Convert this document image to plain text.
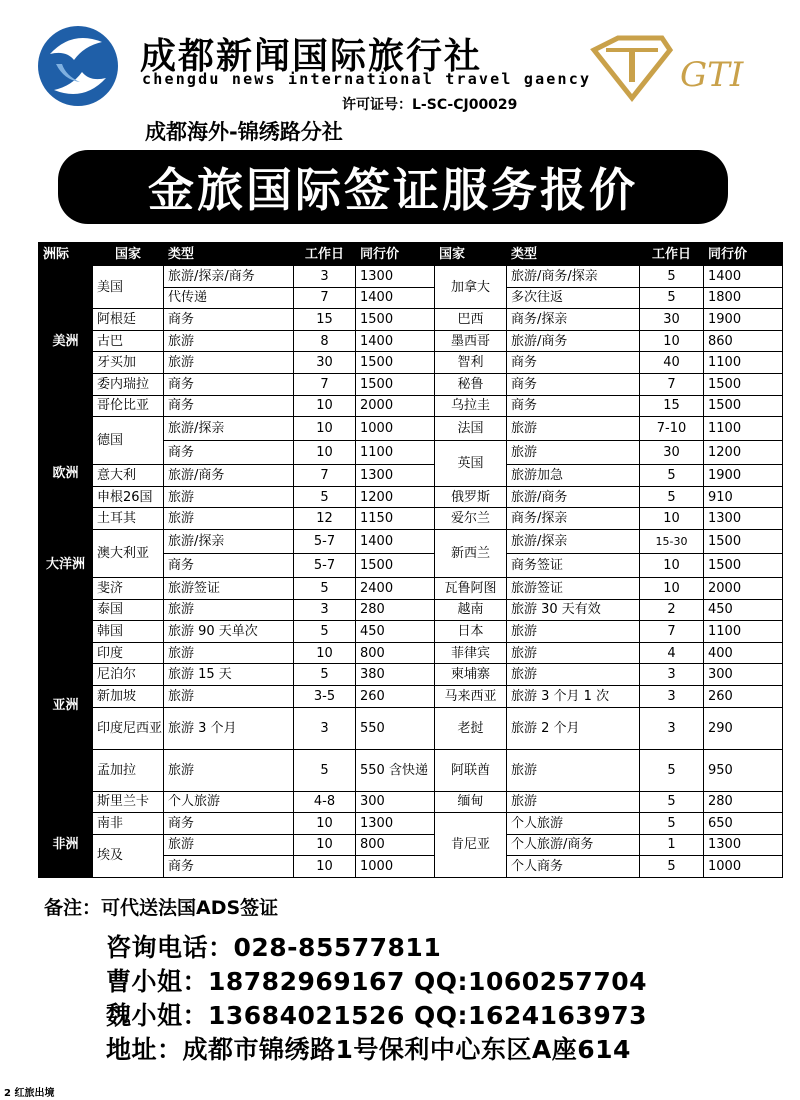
成都新闻国际旅行社
chengdu news international travel gaency
许可证号：L-SC-CJ00029
成都海外-锦绣路分社
GTI
金旅国际签证服务报价
洲际	国家	类型	工作日	同行价	国家	类型	工作日	同行价
美洲	美国	旅游/探亲/商务	3	1300	加拿大	旅游/商务/探亲	5	1400
		代传递	7	1400		多次往返	5	1800
	阿根廷	商务	15	1500	巴西	商务/探亲	30	1900
	古巴	旅游	8	1400	墨西哥	旅游/商务	10	860
	牙买加	旅游	30	1500	智利	商务	40	1100
	委内瑞拉	商务	7	1500	秘鲁	商务	7	1500
	哥伦比亚	商务	10	2000	乌拉圭	商务	15	1500
欧洲	德国	旅游/探亲	10	1000	法国	旅游	7-10	1100
		商务	10	1100	英国	旅游	30	1200
	意大利	旅游/商务	7	1300		旅游加急	5	1900
	申根26国	旅游	5	1200	俄罗斯	旅游/商务	5	910
	土耳其	旅游	12	1150	爱尔兰	商务/探亲	10	1300
大洋洲	澳大利亚	旅游/探亲	5-7	1400	新西兰	旅游/探亲	15-30	1500
		商务	5-7	1500		商务签证	10	1500
	斐济	旅游签证	5	2400	瓦鲁阿图	旅游签证	10	2000
亚洲	泰国	旅游	3	280	越南	旅游 30 天有效	2	450
	韩国	旅游 90 天单次	5	450	日本	旅游	7	1100
	印度	旅游	10	800	菲律宾	旅游	4	400
	尼泊尔	旅游 15 天	5	380	柬埔寨	旅游	3	300
	新加坡	旅游	3-5	260	马来西亚	旅游 3 个月 1 次	3	260
	印度尼西亚	旅游 3 个月	3	550	老挝	旅游 2 个月	3	290
	孟加拉	旅游	5	550 含快递	阿联酋	旅游	5	950
	斯里兰卡	个人旅游	4-8	300	缅甸	旅游	5	280
非洲	南非	商务	10	1300	肯尼亚	个人旅游	5	650
	埃及	旅游	10	800		个人旅游/商务	1	1300
		商务	10	1000		个人商务	5	1000
备注：可代送法国ADS签证
咨询电话：028-85577811
曹小姐：18782969167 QQ:1060257704
魏小姐：13684021526 QQ:1624163973
地址：成都市锦绣路1号保利中心东区A座614
2 红旅出境
